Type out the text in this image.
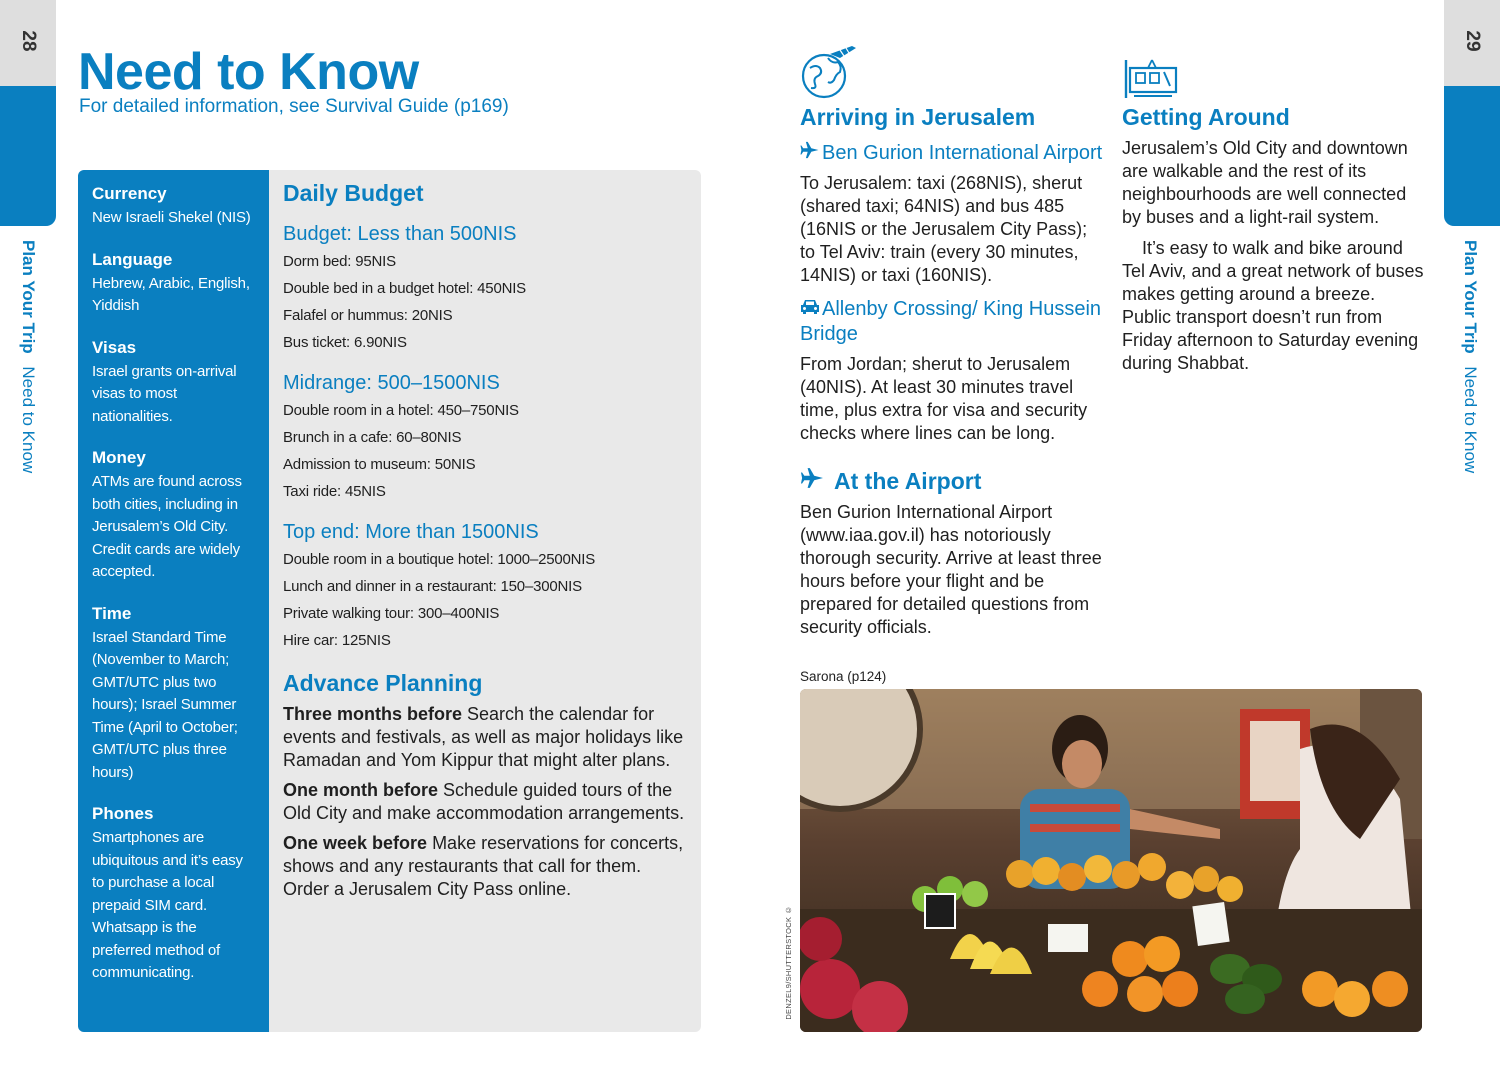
28
Plan Your Trip Need to Know
29
Plan Your Trip Need to Know
Need to Know
For detailed information, see Survival Guide (p169)
Currency
New Israeli Shekel (NIS)
Language
Hebrew, Arabic, English, Yiddish
Visas
Israel grants on-arrival visas to most nationalities.
Money
ATMs are found across both cities, including in Jerusalem’s Old City. Credit cards are widely accepted.
Time
Israel Standard Time (November to March; GMT/UTC plus two hours); Israel Summer Time (April to October; GMT/UTC plus three hours)
Phones
Smartphones are ubiquitous and it’s easy to purchase a local prepaid SIM card. Whatsapp is the preferred method of communicating.
Daily Budget
Budget: Less than 500NIS
Dorm bed: 95NIS
Double bed in a budget hotel: 450NIS
Falafel or hummus: 20NIS
Bus ticket: 6.90NIS
Midrange: 500–1500NIS
Double room in a hotel: 450–750NIS
Brunch in a cafe: 60–80NIS
Admission to museum: 50NIS
Taxi ride: 45NIS
Top end: More than 1500NIS
Double room in a boutique hotel: 1000–2500NIS
Lunch and dinner in a restaurant: 150–300NIS
Private walking tour: 300–400NIS
Hire car: 125NIS
Advance Planning

Three months before Search the calendar for events and festivals, as well as major holidays like Ramadan and Yom Kippur that might alter plans.

One month before Schedule guided tours of the Old City and make accommodation arrangements.

One week before Make reservations for concerts, shows and any restaurants that call for them. Order a Jerusalem City Pass online.

Arriving in Jerusalem
Ben Gurion International Airport

To Jerusalem: taxi (268NIS), sherut (shared taxi; 64NIS) and bus 485 (16NIS or the Jerusalem City Pass); to Tel Aviv: train (every 30 minutes, 14NIS) or taxi (160NIS).

Allenby Crossing/ King Hussein Bridge

From Jordan; sherut to Jerusalem (40NIS). At least 30 minutes travel time, plus extra for visa and security checks where lines can be long.

At the Airport

Ben Gurion International Airport (www.iaa.gov.il) has notoriously thorough security. Arrive at least three hours before your flight and be prepared for detailed questions from security officials.

Getting Around

Jerusalem’s Old City and downtown are walkable and the rest of its neighbourhoods are well connected by buses and a light-rail system.

It’s easy to walk and bike around Tel Aviv, and a great network of buses makes getting around a breeze. Public transport doesn’t run from Friday afternoon to Saturday evening during Shabbat.

Sarona (p124)
DENZEL9/SHUTTERSTOCK ©
